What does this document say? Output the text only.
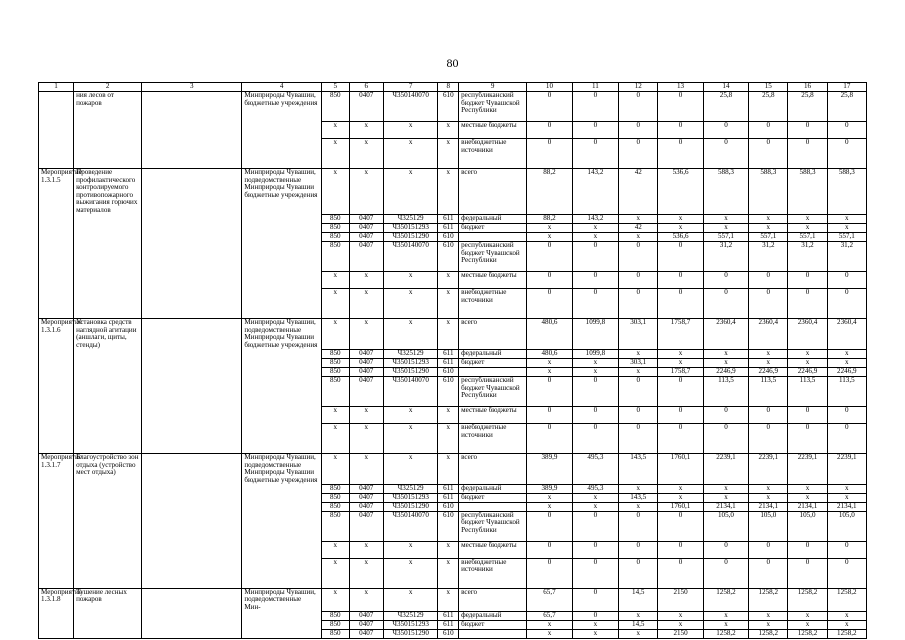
80
1	2	3	4	5	6	7	8	9	10	11	12	13	14	15	16	17
	ния лесов от пожаров		Минприроды Чувашии, бюджетные учреждения	850	0407	Ч350140070	610	республиканский бюджет Чувашской Республики	0	0	0	0	25,8	25,8	25,8	25,8
				x	x	x	x	местные бюджеты	0	0	0	0	0	0	0	0
				x	x	x	x	внебюджетные источники	0	0	0	0	0	0	0	0
Мероприятие 1.3.1.5	Проведение профилактического контролируемого противопожарного выжигания горючих материалов		Минприроды Чувашии, подведомственные Минприроды Чувашии бюджетные учреждения	x	x	x	x	всего	88,2	143,2	42	536,6	588,3	588,3	588,3	588,3
				850	0407	Ч325129	611	федеральный	88,2	143,2	x	x	x	x	x	x
				850	0407	Ч350151293	611	бюджет	x	x	42	x	x	x	x	x
				850	0407	Ч350151290	610		x	x	x	536,6	557,1	557,1	557,1	557,1
				850	0407	Ч350140070	610	республиканский бюджет Чувашской Республики	0	0	0	0	31,2	31,2	31,2	31,2
				x	x	x	x	местные бюджеты	0	0	0	0	0	0	0	0
				x	x	x	x	внебюджетные источники	0	0	0	0	0	0	0	0
Мероприятие 1.3.1.6	Установка средств наглядной агитации (аншлаги, щиты, стенды)		Минприроды Чувашии, подведомственные Минприроды Чувашии бюджетные учреждения	x	x	x	x	всего	480,6	1099,8	303,1	1758,7	2360,4	2360,4	2360,4	2360,4
				850	0407	Ч325129	611	федеральный	480,6	1099,8	x	x	x	x	x	x
				850	0407	Ч350151293	611	бюджет	x	x	303,1	x	x	x	x	x
				850	0407	Ч350151290	610		x	x	x	1758,7	2246,9	2246,9	2246,9	2246,9
				850	0407	Ч350140070	610	республиканский бюджет Чувашской Республики	0	0	0	0	113,5	113,5	113,5	113,5
				x	x	x	x	местные бюджеты	0	0	0	0	0	0	0	0
				x	x	x	x	внебюджетные источники	0	0	0	0	0	0	0	0
Мероприятие 1.3.1.7	Благоустройство зон отдыха (устройство мест отдыха)		Минприроды Чувашии, подведомственные Минприроды Чувашии бюджетные учреждения	x	x	x	x	всего	389,9	495,3	143,5	1760,1	2239,1	2239,1	2239,1	2239,1
				850	0407	Ч325129	611	федеральный	389,9	495,3	x	x	x	x	x	x
				850	0407	Ч350151293	611	бюджет	x	x	143,5	x	x	x	x	x
				850	0407	Ч350151290	610		x	x	x	1760,1	2134,1	2134,1	2134,1	2134,1
				850	0407	Ч350140070	610	республиканский бюджет Чувашской Республики	0	0	0	0	105,0	105,0	105,0	105,0
				x	x	x	x	местные бюджеты	0	0	0	0	0	0	0	0
				x	x	x	x	внебюджетные источники	0	0	0	0	0	0	0	0
Мероприятие 1.3.1.8	Тушение лесных пожаров		Минприроды Чувашии, подведомственные Мин-	x	x	x	x	всего	65,7	0	14,5	2150	1258,2	1258,2	1258,2	1258,2
				850	0407	Ч325129	611	федеральный	65,7	0	x	x	x	x	x	x
				850	0407	Ч350151293	611	бюджет	x	x	14,5	x	x	x	x	x
				850	0407	Ч350151290	610		x	x	x	2150	1258,2	1258,2	1258,2	1258,2
